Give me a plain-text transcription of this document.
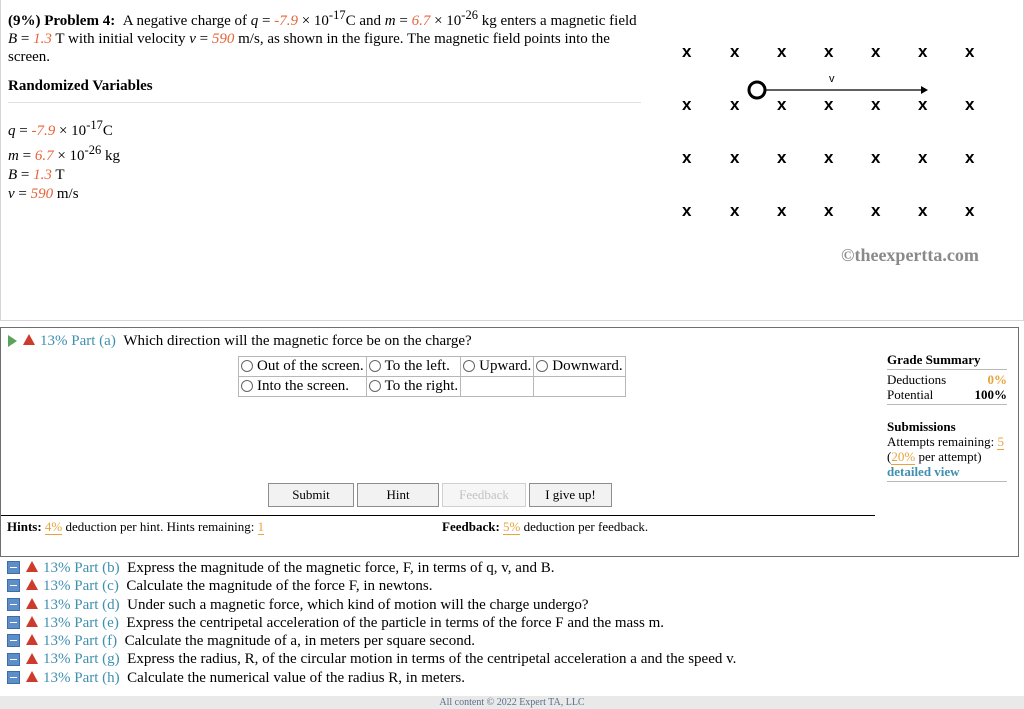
(9%) Problem 4: A negative charge of $q = -7.9 \times 10^{-17}C$ and $m = 6.7 \times 10^{-26}$ kg enters a magnetic field B = 1.3 T with initial velocity v = 590 m/s, as shown in the figure. The magnetic field points into the screen.
Randomized Variables
$q = -7.9 \times 10^{-17}C$
$m = 6.7 \times 10^{-26}$ kg
B = 1.3 T
v = 590 m/s
v
x x x x x x x
x x x x x x x
x x x x x x x
x x x x x x x
©theexpertta.com
13% Part (a) Which direction will the magnetic force be on the charge?
Out of the screen.	To the left.	Upward.	Downward.
Into the screen.	To the right.		
Grade Summary
Deductions	0%
Potential	100%
Submissions
Attempts remaining: 5
(20% per attempt)
detailed view
Submit	Hint	Feedback	I give up!
Hints: 4% deduction per hint. Hints remaining: 1	Feedback: 5% deduction per feedback.
13% Part (b) Express the magnitude of the magnetic force, F, in terms of q, v, and B.
13% Part (c) Calculate the magnitude of the force F, in newtons.
13% Part (d) Under such a magnetic force, which kind of motion will the charge undergo?
13% Part (e) Express the centripetal acceleration of the particle in terms of the force F and the mass m.
13% Part (f) Calculate the magnitude of a, in meters per square second.
13% Part (g) Express the radius, R, of the circular motion in terms of the centripetal acceleration a and the speed v.
13% Part (h) Calculate the numerical value of the radius R, in meters.
All content © 2022 Expert TA, LLC
